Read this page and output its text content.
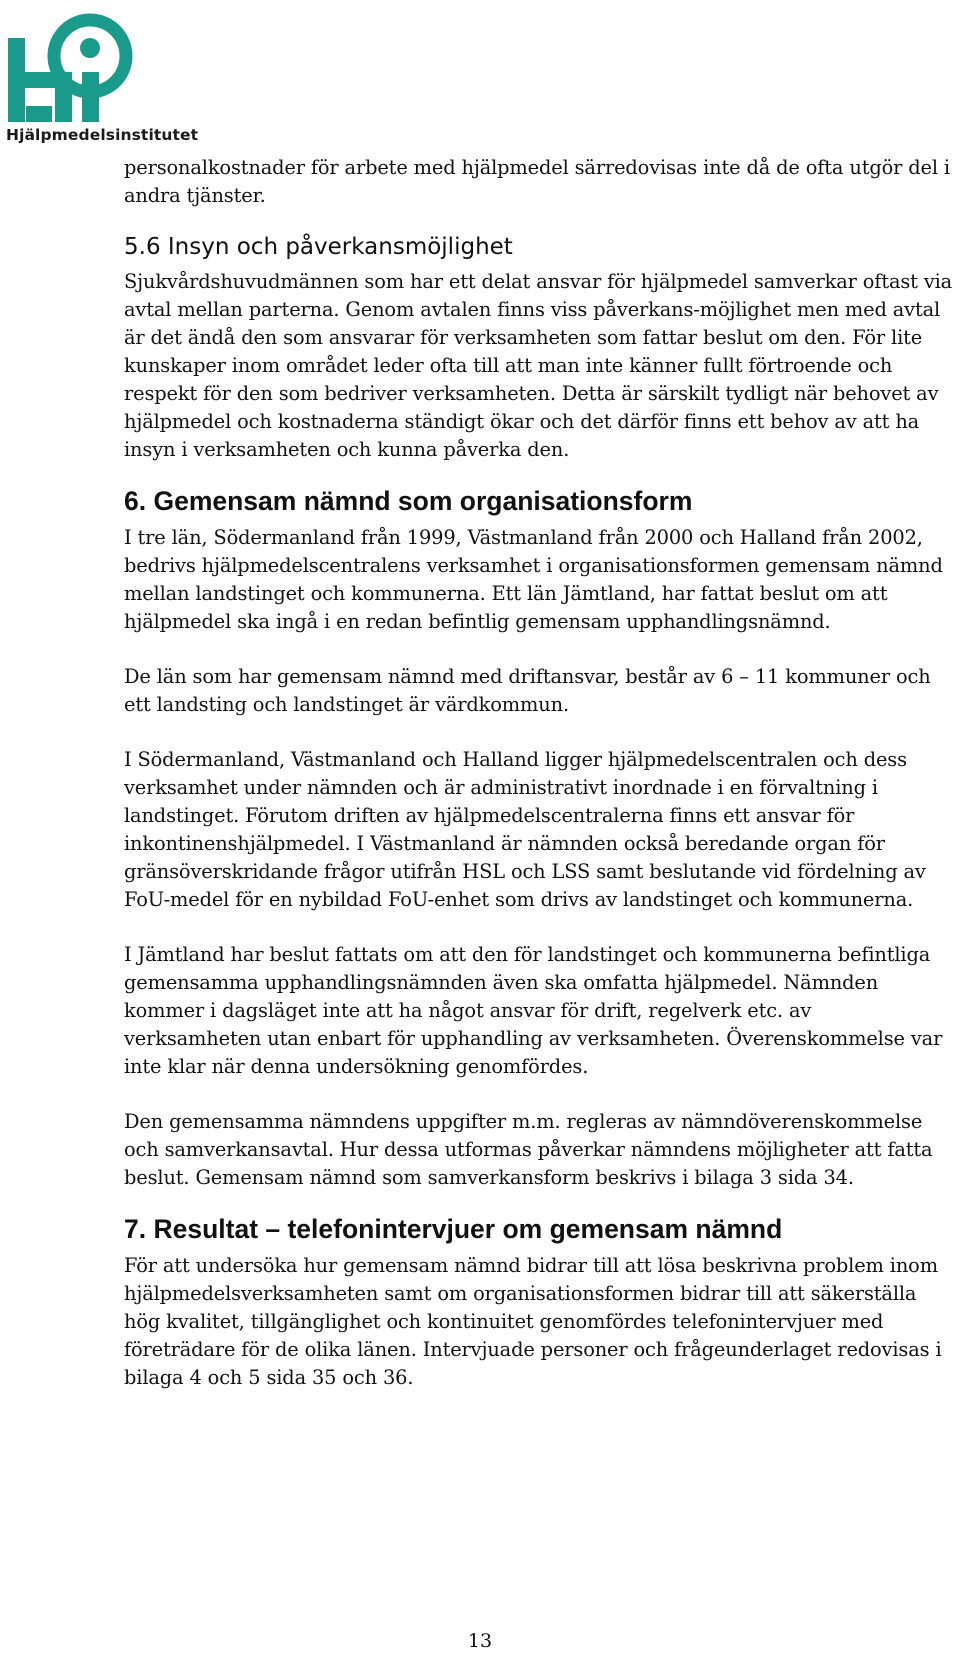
Hjälpmedelsinstitutet

personalkostnader för arbete med hjälpmedel särredovisas inte då de ofta utgör del i andra tjänster.

5.6 Insyn och påverkansmöjlighet

Sjukvårdshuvudmännen som har ett delat ansvar för hjälpmedel samverkar oftast via avtal mellan parterna. Genom avtalen finns viss påverkans-möjlighet men med avtal är det ändå den som ansvarar för verksamheten som fattar beslut om den. För lite kunskaper inom området leder ofta till att man inte känner fullt förtroende och respekt för den som bedriver verksamheten. Detta är särskilt tydligt när behovet av hjälpmedel och kostnaderna ständigt ökar och det därför finns ett behov av att ha insyn i verksamheten och kunna påverka den.

6. Gemensam nämnd som organisationsform

I tre län, Södermanland från 1999, Västmanland från 2000 och Halland från 2002, bedrivs hjälpmedelscentralens verksamhet i organisationsformen gemensam nämnd mellan landstinget och kommunerna. Ett län Jämtland, har fattat beslut om att hjälpmedel ska ingå i en redan befintlig gemensam upphandlingsnämnd.

De län som har gemensam nämnd med driftansvar, består av 6 – 11 kommuner och ett landsting och landstinget är värdkommun.

I Södermanland, Västmanland och Halland ligger hjälpmedelscentralen och dess verksamhet under nämnden och är administrativt inordnade i en förvaltning i landstinget. Förutom driften av hjälpmedelscentralerna finns ett ansvar för inkontinenshjälpmedel. I Västmanland är nämnden också beredande organ för gränsöverskridande frågor utifrån HSL och LSS samt beslutande vid fördelning av FoU-medel för en nybildad FoU-enhet som drivs av landstinget och kommunerna.

I Jämtland har beslut fattats om att den för landstinget och kommunerna befintliga gemensamma upphandlingsnämnden även ska omfatta hjälpmedel. Nämnden kommer i dagsläget inte att ha något ansvar för drift, regelverk etc. av verksamheten utan enbart för upphandling av verksamheten. Överenskommelse var inte klar när denna undersökning genomfördes.

Den gemensamma nämndens uppgifter m.m. regleras av nämndöverenskommelse och samverkansavtal. Hur dessa utformas påverkar nämndens möjligheter att fatta beslut. Gemensam nämnd som samverkansform beskrivs i bilaga 3 sida 34.

7. Resultat – telefonintervjuer om gemensam nämnd

För att undersöka hur gemensam nämnd bidrar till att lösa beskrivna problem inom hjälpmedelsverksamheten samt om organisationsformen bidrar till att säkerställa hög kvalitet, tillgänglighet och kontinuitet genomfördes telefonintervjuer med företrädare för de olika länen. Intervjuade personer och frågeunderlaget redovisas i bilaga 4 och 5 sida 35 och 36.

13
